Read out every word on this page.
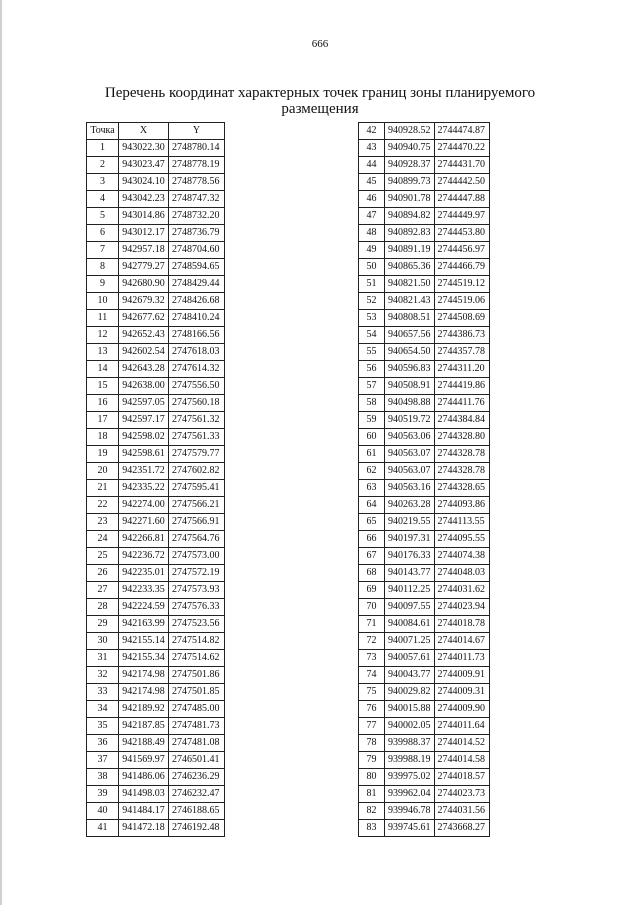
666
Перечень координат характерных точек границ зоны планируемого размещения
Точка	X	Y
1	943022.30	2748780.14
2	943023.47	2748778.19
3	943024.10	2748778.56
4	943042.23	2748747.32
5	943014.86	2748732.20
6	943012.17	2748736.79
7	942957.18	2748704.60
8	942779.27	2748594.65
9	942680.90	2748429.44
10	942679.32	2748426.68
11	942677.62	2748410.24
12	942652.43	2748166.56
13	942602.54	2747618.03
14	942643.28	2747614.32
15	942638.00	2747556.50
16	942597.05	2747560.18
17	942597.17	2747561.32
18	942598.02	2747561.33
19	942598.61	2747579.77
20	942351.72	2747602.82
21	942335.22	2747595.41
22	942274.00	2747566.21
23	942271.60	2747566.91
24	942266.81	2747564.76
25	942236.72	2747573.00
26	942235.01	2747572.19
27	942233.35	2747573.93
28	942224.59	2747576.33
29	942163.99	2747523.56
30	942155.14	2747514.82
31	942155.34	2747514.62
32	942174.98	2747501.86
33	942174.98	2747501.85
34	942189.92	2747485.00
35	942187.85	2747481.73
36	942188.49	2747481.08
37	941569.97	2746501.41
38	941486.06	2746236.29
39	941498.03	2746232.47
40	941484.17	2746188.65
41	941472.18	2746192.48
42	940928.52	2744474.87
43	940940.75	2744470.22
44	940928.37	2744431.70
45	940899.73	2744442.50
46	940901.78	2744447.88
47	940894.82	2744449.97
48	940892.83	2744453.80
49	940891.19	2744456.97
50	940865.36	2744466.79
51	940821.50	2744519.12
52	940821.43	2744519.06
53	940808.51	2744508.69
54	940657.56	2744386.73
55	940654.50	2744357.78
56	940596.83	2744311.20
57	940508.91	2744419.86
58	940498.88	2744411.76
59	940519.72	2744384.84
60	940563.06	2744328.80
61	940563.07	2744328.78
62	940563.07	2744328.78
63	940563.16	2744328.65
64	940263.28	2744093.86
65	940219.55	2744113.55
66	940197.31	2744095.55
67	940176.33	2744074.38
68	940143.77	2744048.03
69	940112.25	2744031.62
70	940097.55	2744023.94
71	940084.61	2744018.78
72	940071.25	2744014.67
73	940057.61	2744011.73
74	940043.77	2744009.91
75	940029.82	2744009.31
76	940015.88	2744009.90
77	940002.05	2744011.64
78	939988.37	2744014.52
79	939988.19	2744014.58
80	939975.02	2744018.57
81	939962.04	2744023.73
82	939946.78	2744031.56
83	939745.61	2743668.27
